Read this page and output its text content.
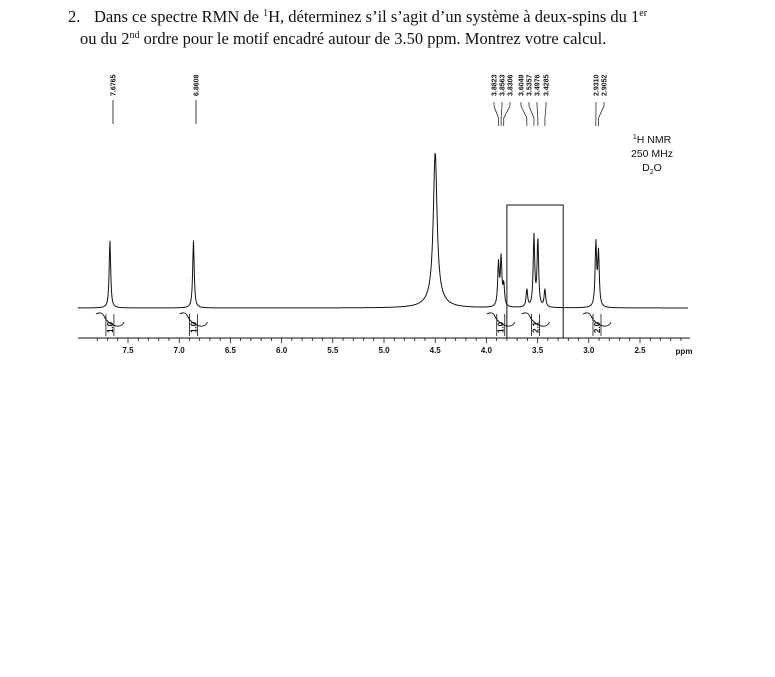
2. Dans ce spectre RMN de $^1$H, déterminez s’il s’agit d’un système à deux-spins du 1er
ou du 2nd ordre pour le motif encadré autour de 3.50 ppm. Montrez votre calcul.
7.6765	6.8608	3.8823 3.8563 3.8306 3.6049 3.5357 3.4976 3.4285	2.9310 2.9052
1.0	1.0	1.0	2.1	2.0
7.5	7.0	6.5	6.0	5.5	5.0	4.5	4.0	3.5	3.0	2.5	ppm
$^1$H NMR
250 MHz
$D_2O$
